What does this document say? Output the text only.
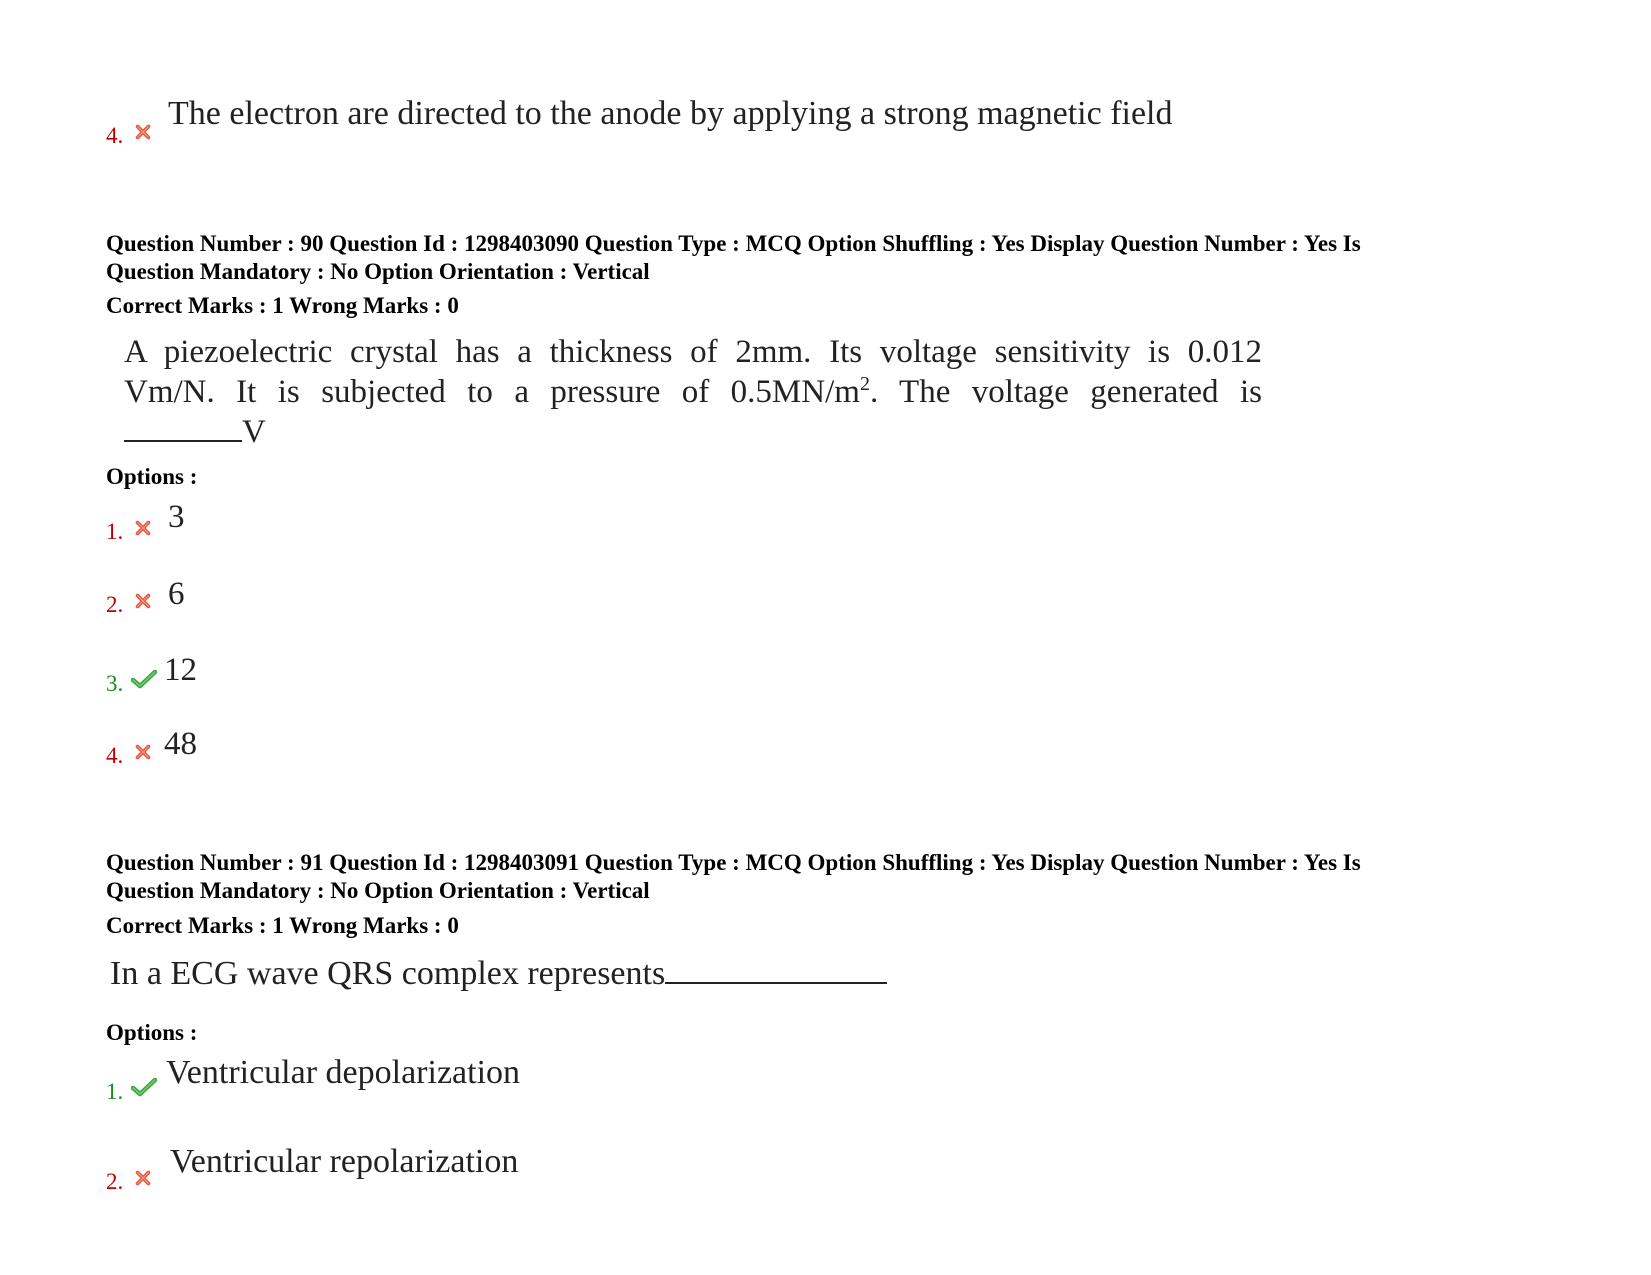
4.
The electron are directed to the anode by applying a strong magnetic field
Question Number : 90 Question Id : 1298403090 Question Type : MCQ Option Shuffling : Yes Display Question Number : Yes Is
Question Mandatory : No Option Orientation : Vertical
Correct Marks : 1 Wrong Marks : 0
A piezoelectric crystal has a thickness of 2mm. Its voltage sensitivity is 0.012
Vm/N. It is subjected to a pressure of $0.5MN/m^2$. The voltage generated is
V
Options :
1. 3
2. 6
3. 12
4. 48
Question Number : 91 Question Id : 1298403091 Question Type : MCQ Option Shuffling : Yes Display Question Number : Yes Is
Question Mandatory : No Option Orientation : Vertical
Correct Marks : 1 Wrong Marks : 0
In a ECG wave QRS complex represents
Options :
1.
Ventricular depolarization
2.
Ventricular repolarization
